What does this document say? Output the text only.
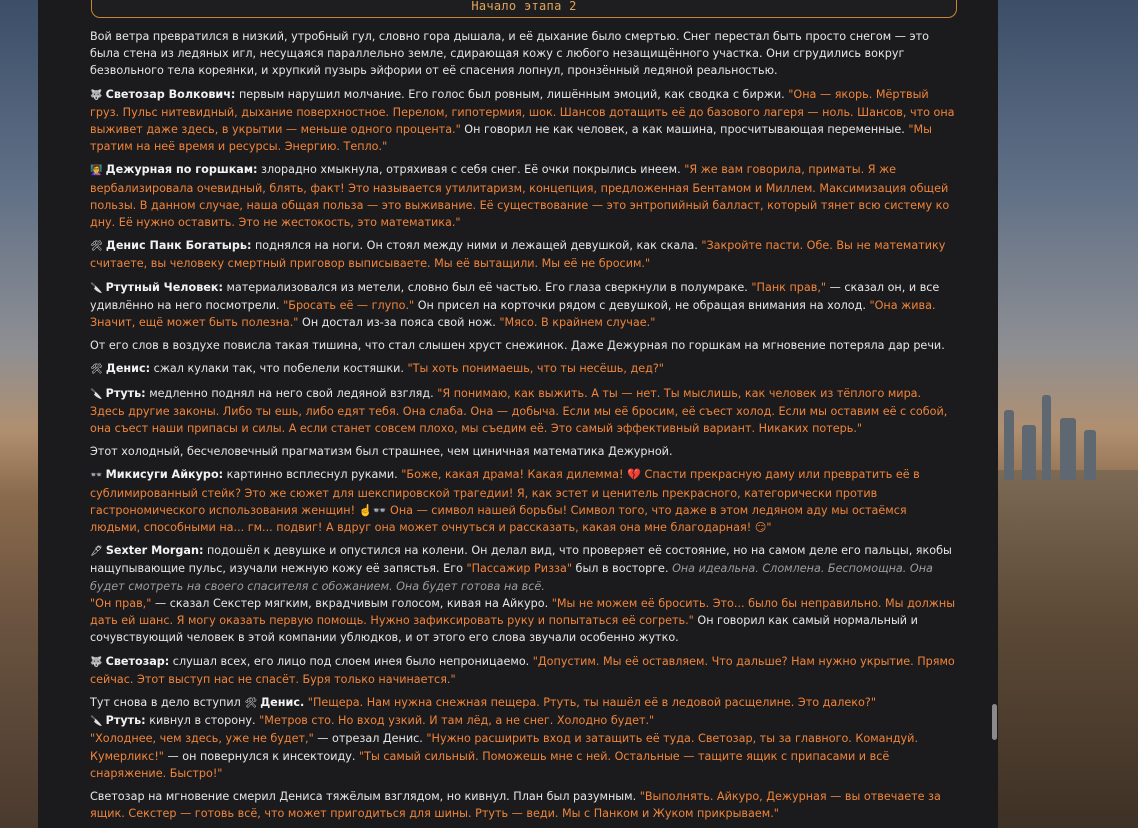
Начало этапа 2

Вой ветра превратился в низкий, утробный гул, словно гора дышала, и её дыхание было смертью. Снег перестал быть просто снегом — это была стена из ледяных игл, несущаяся параллельно земле, сдирающая кожу с любого незащищённого участка. Они сгрудились вокруг безвольного тела кореянки, и хрупкий пузырь эйфории от её спасения лопнул, пронзённый ледяной реальностью.

🐺 Светозар Волкович: первым нарушил молчание. Его голос был ровным, лишённым эмоций, как сводка с биржи. "Она — якорь. Мёртвый груз. Пульс нитевидный, дыхание поверхностное. Перелом, гипотермия, шок. Шансов дотащить её до базового лагеря — ноль. Шансов, что она выживет даже здесь, в укрытии — меньше одного процента." Он говорил не как человек, а как машина, просчитывающая переменные. "Мы тратим на неё время и ресурсы. Энергию. Тепло."

👩‍🏫 Дежурная по горшкам: злорадно хмыкнула, отряхивая с себя снег. Её очки покрылись инеем. "Я же вам говорила, приматы. Я же вербализировала очевидный, блять, факт! Это называется утилитаризм, концепция, предложенная Бентамом и Миллем. Максимизация общей пользы. В данном случае, наша общая польза — это выживание. Её существование — это энтропийный балласт, который тянет всю систему ко дну. Её нужно оставить. Это не жестокость, это математика."

🛠 Денис Панк Богатырь: поднялся на ноги. Он стоял между ними и лежащей девушкой, как скала. "Закройте пасти. Обе. Вы не математику считаете, вы человеку смертный приговор выписываете. Мы её вытащили. Мы её не бросим."

🔪 Ртутный Человек: материализовался из метели, словно был её частью. Его глаза сверкнули в полумраке. "Панк прав," — сказал он, и все удивлённо на него посмотрели. "Бросать её — глупо." Он присел на корточки рядом с девушкой, не обращая внимания на холод. "Она жива. Значит, ещё может быть полезна." Он достал из-за пояса свой нож. "Мясо. В крайнем случае."

От его слов в воздухе повисла такая тишина, что стал слышен хруст снежинок. Даже Дежурная по горшкам на мгновение потеряла дар речи.

🛠 Денис: сжал кулаки так, что побелели костяшки. "Ты хоть понимаешь, что ты несёшь, дед?"

🔪 Ртуть: медленно поднял на него свой ледяной взгляд. "Я понимаю, как выжить. А ты — нет. Ты мыслишь, как человек из тёплого мира. Здесь другие законы. Либо ты ешь, либо едят тебя. Она слаба. Она — добыча. Если мы её бросим, её съест холод. Если мы оставим её с собой, она съест наши припасы и силы. А если станет совсем плохо, мы съедим её. Это самый эффективный вариант. Никаких потерь."

Этот холодный, бесчеловечный прагматизм был страшнее, чем циничная математика Дежурной.

👓 Микисуги Айкуро: картинно всплеснул руками. "Боже, какая драма! Какая дилемма! 💔 Спасти прекрасную даму или превратить её в сублимированный стейк? Это же сюжет для шекспировской трагедии! Я, как эстет и ценитель прекрасного, категорически против гастрономического использования женщин! ☝️👓 Она — символ нашей борьбы! Символ того, что даже в этом ледяном аду мы остаёмся людьми, способными на... гм... подвиг! А вдруг она может очнуться и рассказать, какая она мне благодарная! 😏"

🖋 Sexter Morgan: подошёл к девушке и опустился на колени. Он делал вид, что проверяет её состояние, но на самом деле его пальцы, якобы нащупывающие пульс, изучали нежную кожу её запястья. Его "Пассажир Ризза" был в восторге. Она идеальна. Сломлена. Беспомощна. Она будет смотреть на своего спасителя с обожанием. Она будет готова на всё.

"Он прав," — сказал Секстер мягким, вкрадчивым голосом, кивая на Айкуро. "Мы не можем её бросить. Это... было бы неправильно. Мы должны дать ей шанс. Я могу оказать первую помощь. Нужно зафиксировать руку и попытаться её согреть." Он говорил как самый нормальный и сочувствующий человек в этой компании ублюдков, и от этого его слова звучали особенно жутко.

🐺 Светозар: слушал всех, его лицо под слоем инея было непроницаемо. "Допустим. Мы её оставляем. Что дальше? Нам нужно укрытие. Прямо сейчас. Этот выступ нас не спасёт. Буря только начинается."

Тут снова в дело вступил 🛠 Денис. "Пещера. Нам нужна снежная пещера. Ртуть, ты нашёл её в ледовой расщелине. Это далеко?"

🔪 Ртуть: кивнул в сторону. "Метров сто. Но вход узкий. И там лёд, а не снег. Холодно будет."

"Холоднее, чем здесь, уже не будет," — отрезал Денис. "Нужно расширить вход и затащить её туда. Светозар, ты за главного. Командуй. Кумерликс!" — он повернулся к инсектоиду. "Ты самый сильный. Поможешь мне с ней. Остальные — тащите ящик с припасами и всё снаряжение. Быстро!"

Светозар на мгновение смерил Дениса тяжёлым взглядом, но кивнул. План был разумным. "Выполнять. Айкуро, Дежурная — вы отвечаете за ящик. Секстер — готовь всё, что может пригодиться для шины. Ртуть — веди. Мы с Панком и Жуком прикрываем."
